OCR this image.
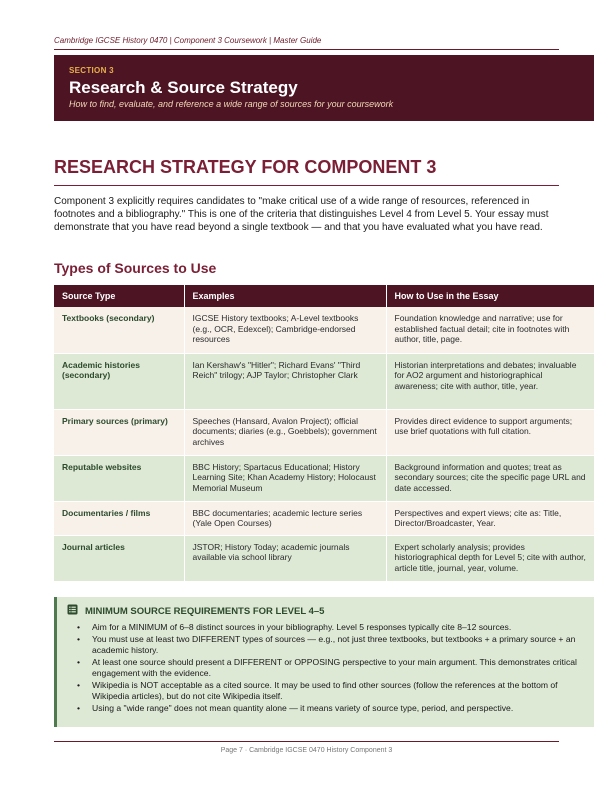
Cambridge IGCSE History 0470 | Component 3 Coursework | Master Guide
SECTION 3
Research & Source Strategy
How to find, evaluate, and reference a wide range of sources for your coursework
RESEARCH STRATEGY FOR COMPONENT 3

Component 3 explicitly requires candidates to "make critical use of a wide range of resources, referenced in footnotes and a bibliography." This is one of the criteria that distinguishes Level 4 from Level 5. Your essay must demonstrate that you have read beyond a single textbook — and that you have evaluated what you have read.

Types of Sources to Use
Source Type	Examples	How to Use in the Essay
Textbooks (secondary)	IGCSE History textbooks; A-Level textbooks (e.g., OCR, Edexcel); Cambridge-endorsed resources	Foundation knowledge and narrative; use for established factual detail; cite in footnotes with author, title, page.
Academic histories (secondary)	Ian Kershaw's "Hitler"; Richard Evans' "Third Reich" trilogy; AJP Taylor; Christopher Clark	Historian interpretations and debates; invaluable for AO2 argument and historiographical awareness; cite with author, title, year.
Primary sources (primary)	Speeches (Hansard, Avalon Project); official documents; diaries (e.g., Goebbels); government archives	Provides direct evidence to support arguments; use brief quotations with full citation.
Reputable websites	BBC History; Spartacus Educational; History Learning Site; Khan Academy History; Holocaust Memorial Museum	Background information and quotes; treat as secondary sources; cite the specific page URL and date accessed.
Documentaries / films	BBC documentaries; academic lecture series (Yale Open Courses)	Perspectives and expert views; cite as: Title, Director/Broadcaster, Year.
Journal articles	JSTOR; History Today; academic journals available via school library	Expert scholarly analysis; provides historiographical depth for Level 5; cite with author, article title, journal, year, volume.
MINIMUM SOURCE REQUIREMENTS FOR LEVEL 4–5
• Aim for a MINIMUM of 6–8 distinct sources in your bibliography. Level 5 responses typically cite 8–12 sources.
• You must use at least two DIFFERENT types of sources — e.g., not just three textbooks, but textbooks + a primary source + an academic history.
• At least one source should present a DIFFERENT or OPPOSING perspective to your main argument. This demonstrates critical engagement with the evidence.
• Wikipedia is NOT acceptable as a cited source. It may be used to find other sources (follow the references at the bottom of Wikipedia articles), but do not cite Wikipedia itself.
• Using a "wide range" does not mean quantity alone — it means variety of source type, period, and perspective.
Page 7 · Cambridge IGCSE 0470 History Component 3
